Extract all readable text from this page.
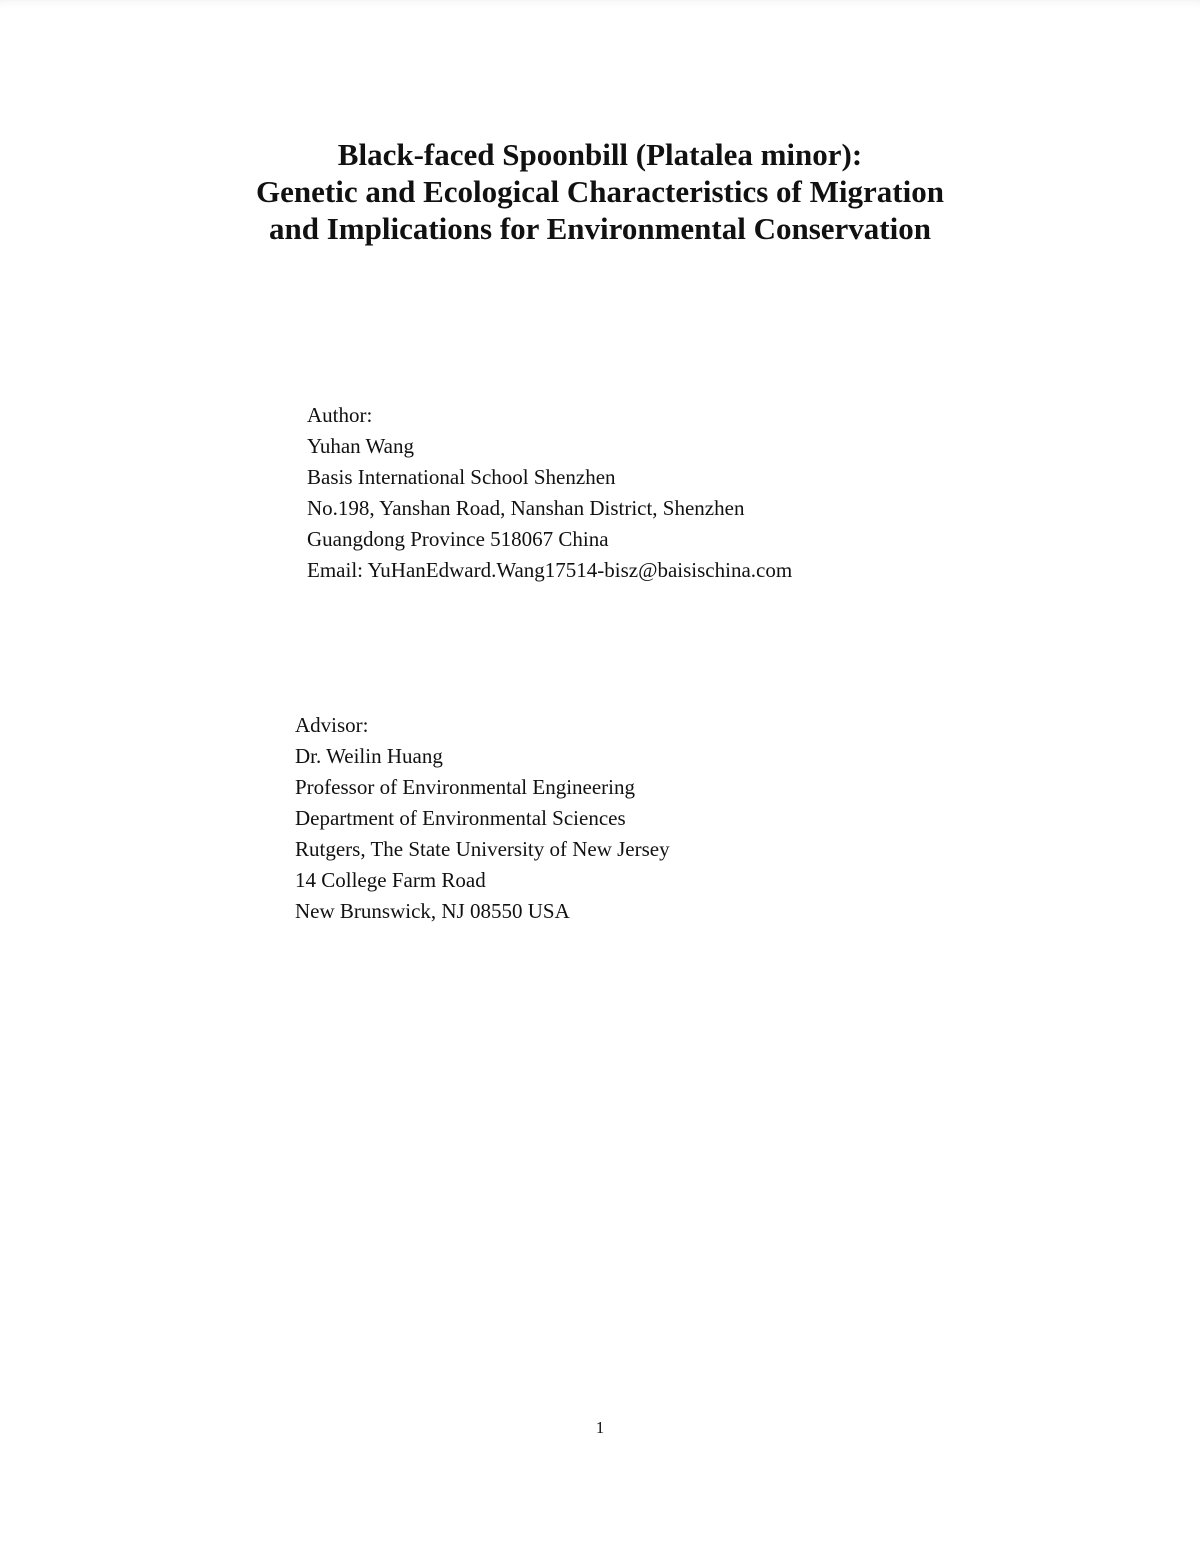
Black-faced Spoonbill (Platalea minor):
Genetic and Ecological Characteristics of Migration
and Implications for Environmental Conservation
Author:
Yuhan Wang
Basis International School Shenzhen
No.198, Yanshan Road, Nanshan District, Shenzhen
Guangdong Province 518067 China
Email: YuHanEdward.Wang17514-bisz@baisischina.com
Advisor:
Dr. Weilin Huang
Professor of Environmental Engineering
Department of Environmental Sciences
Rutgers, The State University of New Jersey
14 College Farm Road
New Brunswick, NJ 08550 USA
1
